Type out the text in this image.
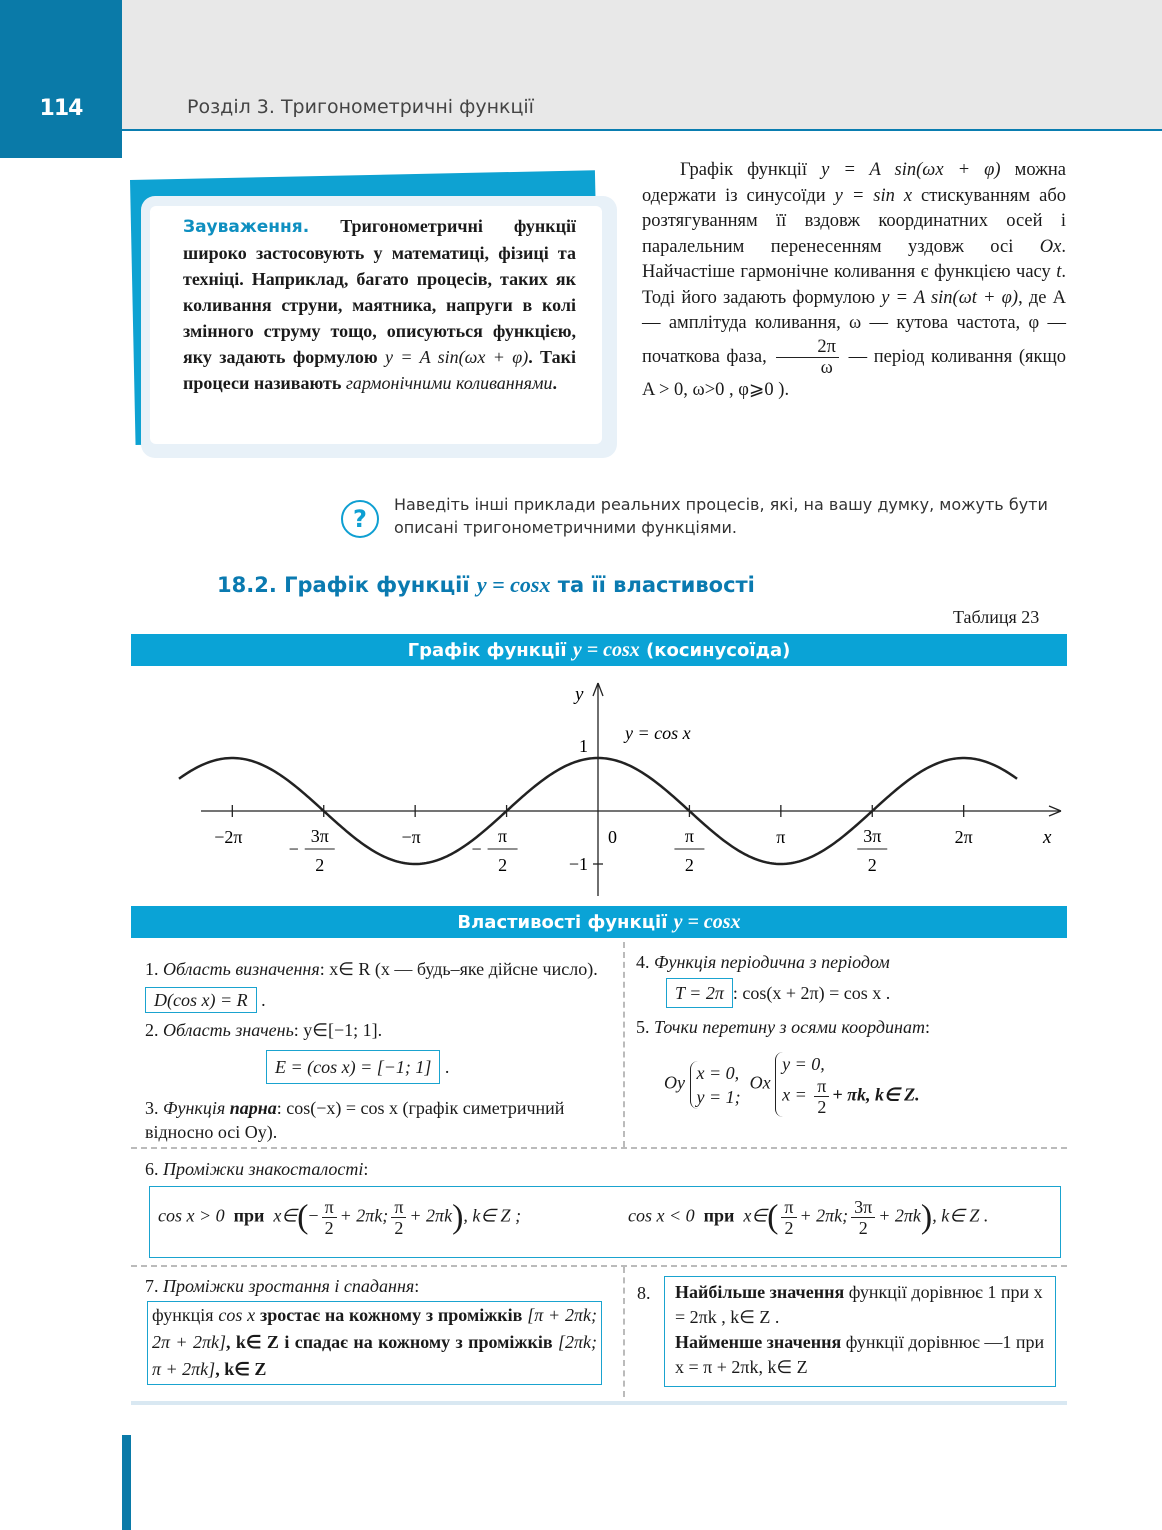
114	Розділ 3. Тригонометричні функції
Зауваження. Тригонометричні функції широко застосовують у математиці, фізиці та техніці. Наприклад, багато процесів, таких як коливання струни, маятника, напруги в колі змінного струму тощо, описуються функцією, яку задають формулою y = A sin(ωx + φ). Такі процеси називають гармонічними коливаннями.
Графік функції y = A sin(ωx + φ) можна одержати із синусоїди y = sin x стискуванням або розтягуванням її вздовж координатних осей і паралельним перенесенням уздовж осі Ox. Найчастіше гармонічне коливання є функцією часу t. Тоді його задають формулою y = A sin(ωt + φ), де A — амплітуда коливання, ω — кутова частота, φ — початкова фаза, $\frac{2\pi}{\omega}$ — період коливання (якщо A > 0, ω>0 , φ⩾0 ).
?
Наведіть інші приклади реальних процесів, які, на вашу думку, можуть бути описані тригонометричними функціями.
18.2. Графік функції y = cosx та її властивості
Таблиця 23
Графік функції y = cosx (косинусоїда)
y
x
y = cos x
1
−1
0
−2π	3π
2
−
−π	π
2
−
π
2
π	3π
2
2π
Властивості функції y = cosx
1. Область визначення: x∈ R (x — будь–яке дійсне число). D(cos x) = R .
2. Область значень: y∈[−1; 1].
E = (cos x) = [−1; 1] .
3. Функція парна: cos(−x) = cos x (графік симетричний відносно осі Oy).
4. Функція періодична з періодом
T = 2π : cos(x + 2π) = cos x .
5. Точки перетину з осями координат:
Oy x = 0,
y = 1;  Ox y = 0,
$x = \frac{\pi}{2} + \pi k$, k∈ Z.
6. Проміжки знакосталості:
cos x > 0 при x∈(− $\frac{\pi}{2} + 2\pi k$; $\frac{\pi}{2} + 2\pi k$), k∈ Z ;	cos x < 0 при x∈( $\frac{\pi}{2} + 2\pi k$; $\frac{3\pi}{2} + 2\pi k$), k∈ Z .
7. Проміжки зростання і спадання:
функція cos x зростає на кожному з проміжків [π + 2πk; 2π + 2πk], k∈ Z і спадає на кожному з проміжків [2πk; π + 2πk], k∈ Z
8.	Найбільше значення функції дорівнює 1 при x = 2πk , k∈ Z .
Найменше значення функції дорівнює —1 при x = π + 2πk, k∈ Z
